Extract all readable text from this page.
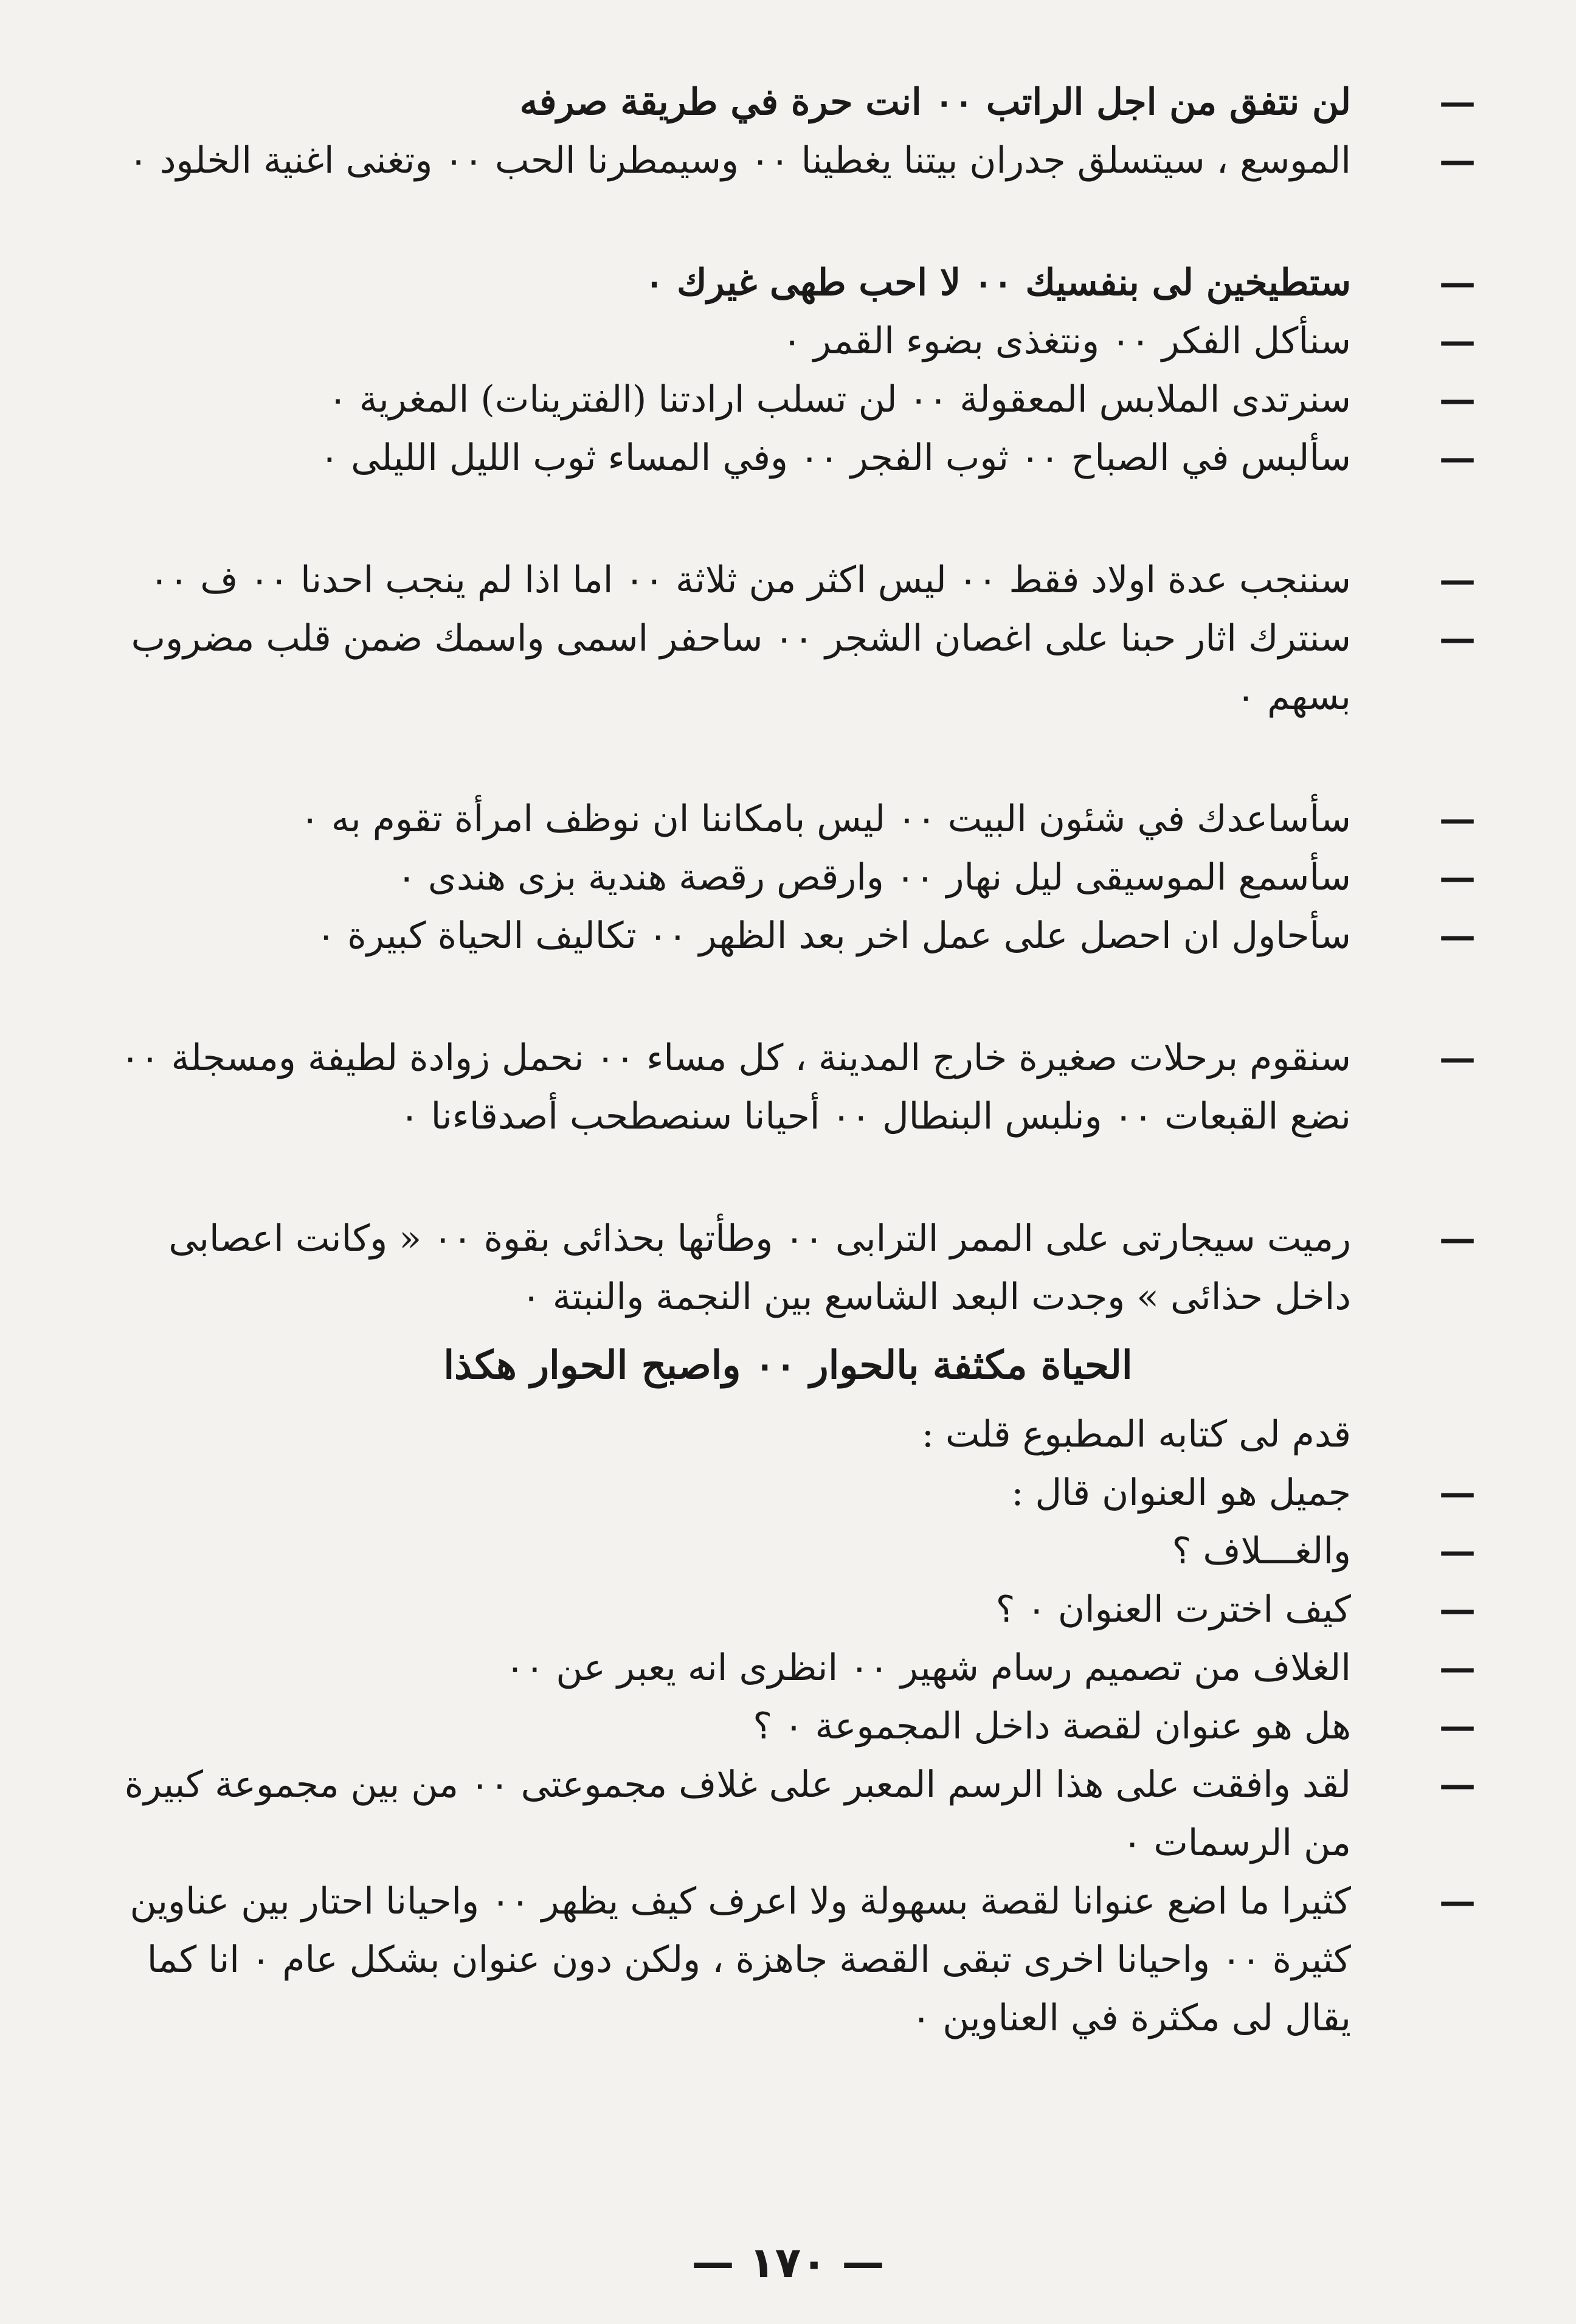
—
لن نتفق من اجل الراتب ٠٠ انت حرة في طريقة صرفه

—
الموسع ، سيتسلق جدران بيتنا يغطينا ٠٠ وسيمطرنا الحب ٠٠ وتغنى اغنية الخلود ٠

—
ستطيخين لى بنفسيك ٠٠ لا احب طهى غيرك ٠

—
سنأكل الفكر ٠٠ ونتغذى بضوء القمر ٠

—
سنرتدى الملابس المعقولة ٠٠ لن تسلب ارادتنا (الفترينات) المغرية ٠

—
سألبس في الصباح ٠٠ ثوب الفجر ٠٠ وفي المساء ثوب الليل الليلى ٠

—
سننجب عدة اولاد فقط ٠٠ ليس اكثر من ثلاثة ٠٠ اما اذا لم ينجب احدنا ٠٠ ف ٠٠

—
سنترك اثار حبنا على اغصان الشجر ٠٠ ساحفر اسمى واسمك ضمن قلب مضروب بسهم ٠

—
سأساعدك في شئون البيت ٠٠ ليس بامكاننا ان نوظف امرأة تقوم به ٠

—
سأسمع الموسيقى ليل نهار ٠٠ وارقص رقصة هندية بزى هندى ٠

—
سأحاول ان احصل على عمل اخر بعد الظهر ٠٠ تكاليف الحياة كبيرة ٠

—
سنقوم برحلات صغيرة خارج المدينة ، كل مساء ٠٠ نحمل زوادة لطيفة ومسجلة ٠٠ نضع القبعات ٠٠ ونلبس البنطال ٠٠ أحيانا سنصطحب أصدقاءنا ٠

—
رميت سيجارتى على الممر الترابى ٠٠ وطأتها بحذائى بقوة ٠٠ « وكانت اعصابى داخل حذائى » وجدت البعد الشاسع بين النجمة والنبتة ٠

الحياة مكثفة بالحوار ٠٠ واصبح الحوار هكذا

قدم لى كتابه المطبوع قلت :

—
جميل هو العنوان قال :

—
والغـــلاف ؟

—
كيف اخترت العنوان ٠ ؟

—
الغلاف من تصميم رسام شهير ٠٠ انظرى انه يعبر عن ٠٠

—
هل هو عنوان لقصة داخل المجموعة ٠ ؟

—
لقد وافقت على هذا الرسم المعبر على غلاف مجموعتى ٠٠ من بين مجموعة كبيرة من الرسمات ٠

—
كثيرا ما اضع عنوانا لقصة بسهولة ولا اعرف كيف يظهر ٠٠ واحيانا احتار بين عناوين كثيرة ٠٠ واحيانا اخرى تبقى القصة جاهزة ، ولكن دون عنوان بشكل عام ٠ انا كما يقال لى مكثرة في العناوين ٠

— ١٧٠ —
